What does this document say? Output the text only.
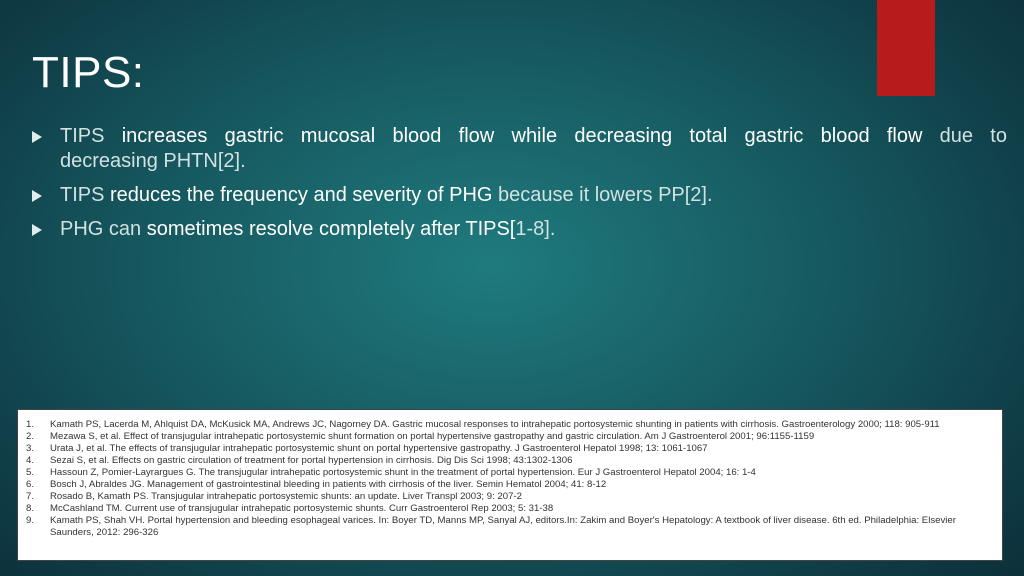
TIPS:
TIPS increases gastric mucosal blood flow while decreasing total gastric blood flow due to
decreasing PHTN[2].
TIPS reduces the frequency and severity of PHG because it lowers PP[2].
PHG can sometimes resolve completely after TIPS[1-8].
1. Kamath PS, Lacerda M, Ahlquist DA, McKusick MA, Andrews JC, Nagorney DA. Gastric mucosal responses to intrahepatic portosystemic shunting in patients with cirrhosis. Gastroenterology 2000; 118: 905-911
2. Mezawa S, et al. Effect of transjugular intrahepatic portosystemic shunt formation on portal hypertensive gastropathy and gastric circulation. Am J Gastroenterol 2001; 96:1155-1159
3. Urata J, et al. The effects of transjugular intrahepatic portosystemic shunt on portal hypertensive gastropathy. J Gastroenterol Hepatol 1998; 13: 1061-1067
4. Sezai S, et al. Effects on gastric circulation of treatment for portal hypertension in cirrhosis. Dig Dis Sci 1998; 43:1302-1306
5. Hassoun Z, Pomier-Layrargues G. The transjugular intrahepatic portosystemic shunt in the treatment of portal hypertension. Eur J Gastroenterol Hepatol 2004; 16: 1-4
6. Bosch J, Abraldes JG. Management of gastrointestinal bleeding in patients with cirrhosis of the liver. Semin Hematol 2004; 41: 8-12
7. Rosado B, Kamath PS. Transjugular intrahepatic portosystemic shunts: an update. Liver Transpl 2003; 9: 207-2
8. McCashland TM. Current use of transjugular intrahepatic portosystemic shunts. Curr Gastroenterol Rep 2003; 5: 31-38
9. Kamath PS, Shah VH. Portal hypertension and bleeding esophageal varices. In: Boyer TD, Manns MP, Sanyal AJ, editors.In: Zakim and Boyer's Hepatology: A textbook of liver disease. 6th ed. Philadelphia: Elsevier Saunders, 2012: 296-326
